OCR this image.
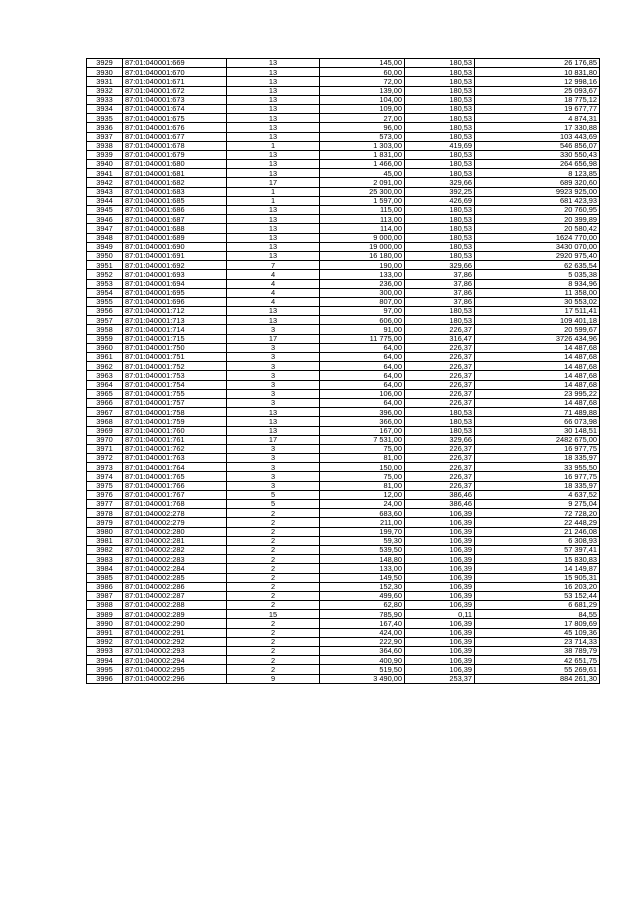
3929	87:01:040001:669	13	145,00	180,53	26 176,85
3930	87:01:040001:670	13	60,00	180,53	10 831,80
3931	87:01:040001:671	13	72,00	180,53	12 998,16
3932	87:01:040001:672	13	139,00	180,53	25 093,67
3933	87:01:040001:673	13	104,00	180,53	18 775,12
3934	87:01:040001:674	13	109,00	180,53	19 677,77
3935	87:01:040001:675	13	27,00	180,53	4 874,31
3936	87:01:040001:676	13	96,00	180,53	17 330,88
3937	87:01:040001:677	13	573,00	180,53	103 443,69
3938	87:01:040001:678	1	1 303,00	419,69	546 856,07
3939	87:01:040001:679	13	1 831,00	180,53	330 550,43
3940	87:01:040001:680	13	1 466,00	180,53	264 656,98
3941	87:01:040001:681	13	45,00	180,53	8 123,85
3942	87:01:040001:682	17	2 091,00	329,66	689 320,60
3943	87:01:040001:683	1	25 300,00	392,25	9923 925,00
3944	87:01:040001:685	1	1 597,00	426,69	681 423,93
3945	87:01:040001:686	13	115,00	180,53	20 760,95
3946	87:01:040001:687	13	113,00	180,53	20 399,89
3947	87:01:040001:688	13	114,00	180,53	20 580,42
3948	87:01:040001:689	13	9 000,00	180,53	1624 770,00
3949	87:01:040001:690	13	19 000,00	180,53	3430 070,00
3950	87:01:040001:691	13	16 180,00	180,53	2920 975,40
3951	87:01:040001:692	7	190,00	329,66	62 635,54
3952	87:01:040001:693	4	133,00	37,86	5 035,38
3953	87:01:040001:694	4	236,00	37,86	8 934,96
3954	87:01:040001:695	4	300,00	37,86	11 358,00
3955	87:01:040001:696	4	807,00	37,86	30 553,02
3956	87:01:040001:712	13	97,00	180,53	17 511,41
3957	87:01:040001:713	13	606,00	180,53	109 401,18
3958	87:01:040001:714	3	91,00	226,37	20 599,67
3959	87:01:040001:715	17	11 775,00	316,47	3726 434,96
3960	87:01:040001:750	3	64,00	226,37	14 487,68
3961	87:01:040001:751	3	64,00	226,37	14 487,68
3962	87:01:040001:752	3	64,00	226,37	14 487,68
3963	87:01:040001:753	3	64,00	226,37	14 487,68
3964	87:01:040001:754	3	64,00	226,37	14 487,68
3965	87:01:040001:755	3	106,00	226,37	23 995,22
3966	87:01:040001:757	3	64,00	226,37	14 487,68
3967	87:01:040001:758	13	396,00	180,53	71 489,88
3968	87:01:040001:759	13	366,00	180,53	66 073,98
3969	87:01:040001:760	13	167,00	180,53	30 148,51
3970	87:01:040001:761	17	7 531,00	329,66	2482 675,00
3971	87:01:040001:762	3	75,00	226,37	16 977,75
3972	87:01:040001:763	3	81,00	226,37	18 335,97
3973	87:01:040001:764	3	150,00	226,37	33 955,50
3974	87:01:040001:765	3	75,00	226,37	16 977,75
3975	87:01:040001:766	3	81,00	226,37	18 335,97
3976	87:01:040001:767	5	12,00	386,46	4 637,52
3977	87:01:040001:768	5	24,00	386,46	9 275,04
3978	87:01:040002:278	2	683,60	106,39	72 728,20
3979	87:01:040002:279	2	211,00	106,39	22 448,29
3980	87:01:040002:280	2	199,70	106,39	21 246,08
3981	87:01:040002:281	2	59,30	106,39	6 308,93
3982	87:01:040002:282	2	539,50	106,39	57 397,41
3983	87:01:040002:283	2	148,80	106,39	15 830,83
3984	87:01:040002:284	2	133,00	106,39	14 149,87
3985	87:01:040002:285	2	149,50	106,39	15 905,31
3986	87:01:040002:286	2	152,30	106,39	16 203,20
3987	87:01:040002:287	2	499,60	106,39	53 152,44
3988	87:01:040002:288	2	62,80	106,39	6 681,29
3989	87:01:040002:289	15	785,90	0,11	84,55
3990	87:01:040002:290	2	167,40	106,39	17 809,69
3991	87:01:040002:291	2	424,00	106,39	45 109,36
3992	87:01:040002:292	2	222,90	106,39	23 714,33
3993	87:01:040002:293	2	364,60	106,39	38 789,79
3994	87:01:040002:294	2	400,90	106,39	42 651,75
3995	87:01:040002:295	2	519,50	106,39	55 269,61
3996	87:01:040002:296	9	3 490,00	253,37	884 261,30
